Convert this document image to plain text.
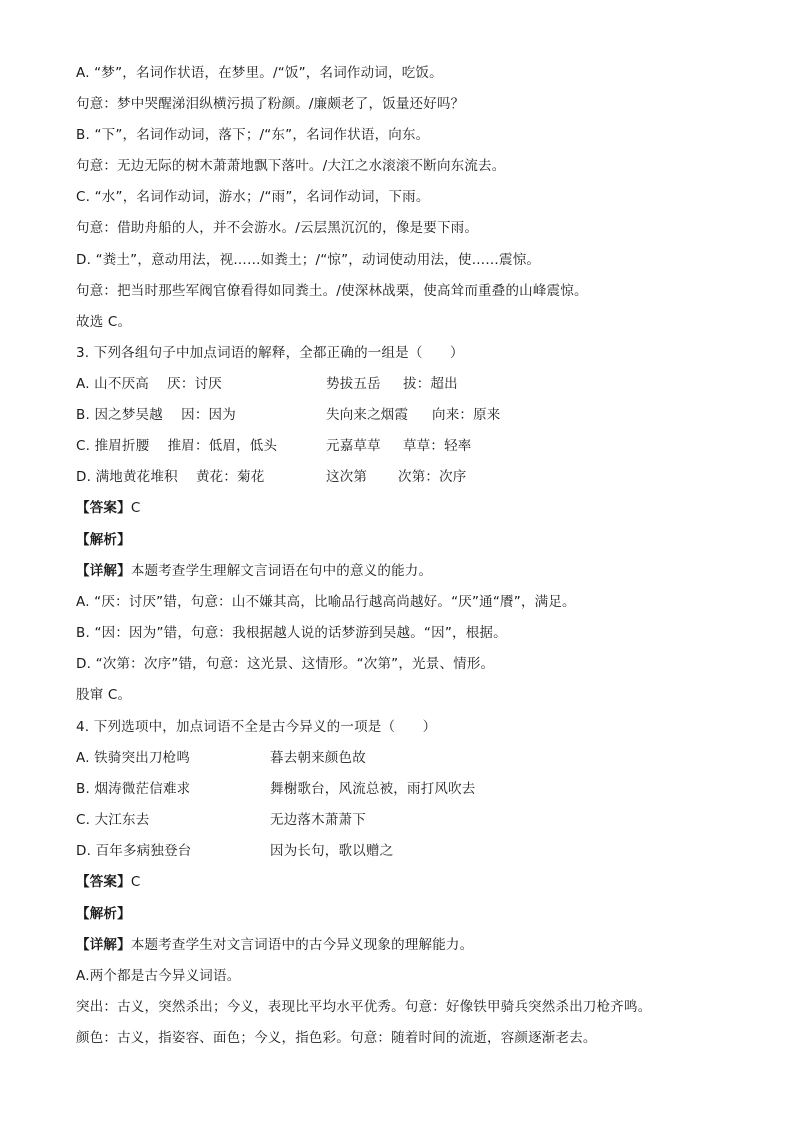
A. “梦”，名词作状语，在梦里。/“饭”，名词作动词，吃饭。
句意：梦中哭醒涕泪纵横污损了粉颜。/廉颇老了，饭量还好吗？
B. “下”，名词作动词，落下；/“东”，名词作状语，向东。
句意：无边无际的树木萧萧地飘下落叶。/大江之水滚滚不断向东流去。
C. “水”，名词作动词，游水；/“雨”，名词作动词，下雨。
句意：借助舟船的人，并不会游水。/云层黑沉沉的，像是要下雨。
D. “粪土”，意动用法，视……如粪土；/“惊”，动词使动用法，使……震惊。
句意：把当时那些军阀官僚看得如同粪土。/使深林战栗，使高耸而重叠的山峰震惊。
故选 C。
3. 下列各组句子中加点词语的解释，全都正确的一组是（　　）
A. 山不厌高　 厌：讨厌	势拔五岳 拔：超出
B. 因之梦吴越　 因：因为	失向来之烟霞 向来：原来
C. 推眉折腰　 推眉：低眉，低头	元嘉草草 草草：轻率
D. 满地黄花堆积　 黄花：菊花	这次第 次第：次序
【答案】C
【解析】
【详解】本题考查学生理解文言词语在句中的意义的能力。
A. “厌：讨厌”错，句意：山不嫌其高，比喻品行越高尚越好。“厌”通“餍”，满足。
B. “因：因为”错，句意：我根据越人说的话梦游到吴越。“因”，根据。
D. “次第：次序”错，句意：这光景、这情形。“次第”，光景、情形。
股窜 C。
4. 下列选项中，加点词语不全是古今异义的一项是（　　）
A. 铁骑突出刀枪鸣	暮去朝来颜色故
B. 烟涛微茫信难求	舞榭歌台，风流总被，雨打风吹去
C. 大江东去	无边落木萧萧下
D. 百年多病独登台	因为长句，歌以赠之
【答案】C
【解析】
【详解】本题考查学生对文言词语中的古今异义现象的理解能力。
A.两个都是古今异义词语。
突出：古义，突然杀出；今义，表现比平均水平优秀。句意：好像铁甲骑兵突然杀出刀枪齐鸣。
颜色：古义，指姿容、面色；今义，指色彩。句意：随着时间的流逝，容颜逐渐老去。
